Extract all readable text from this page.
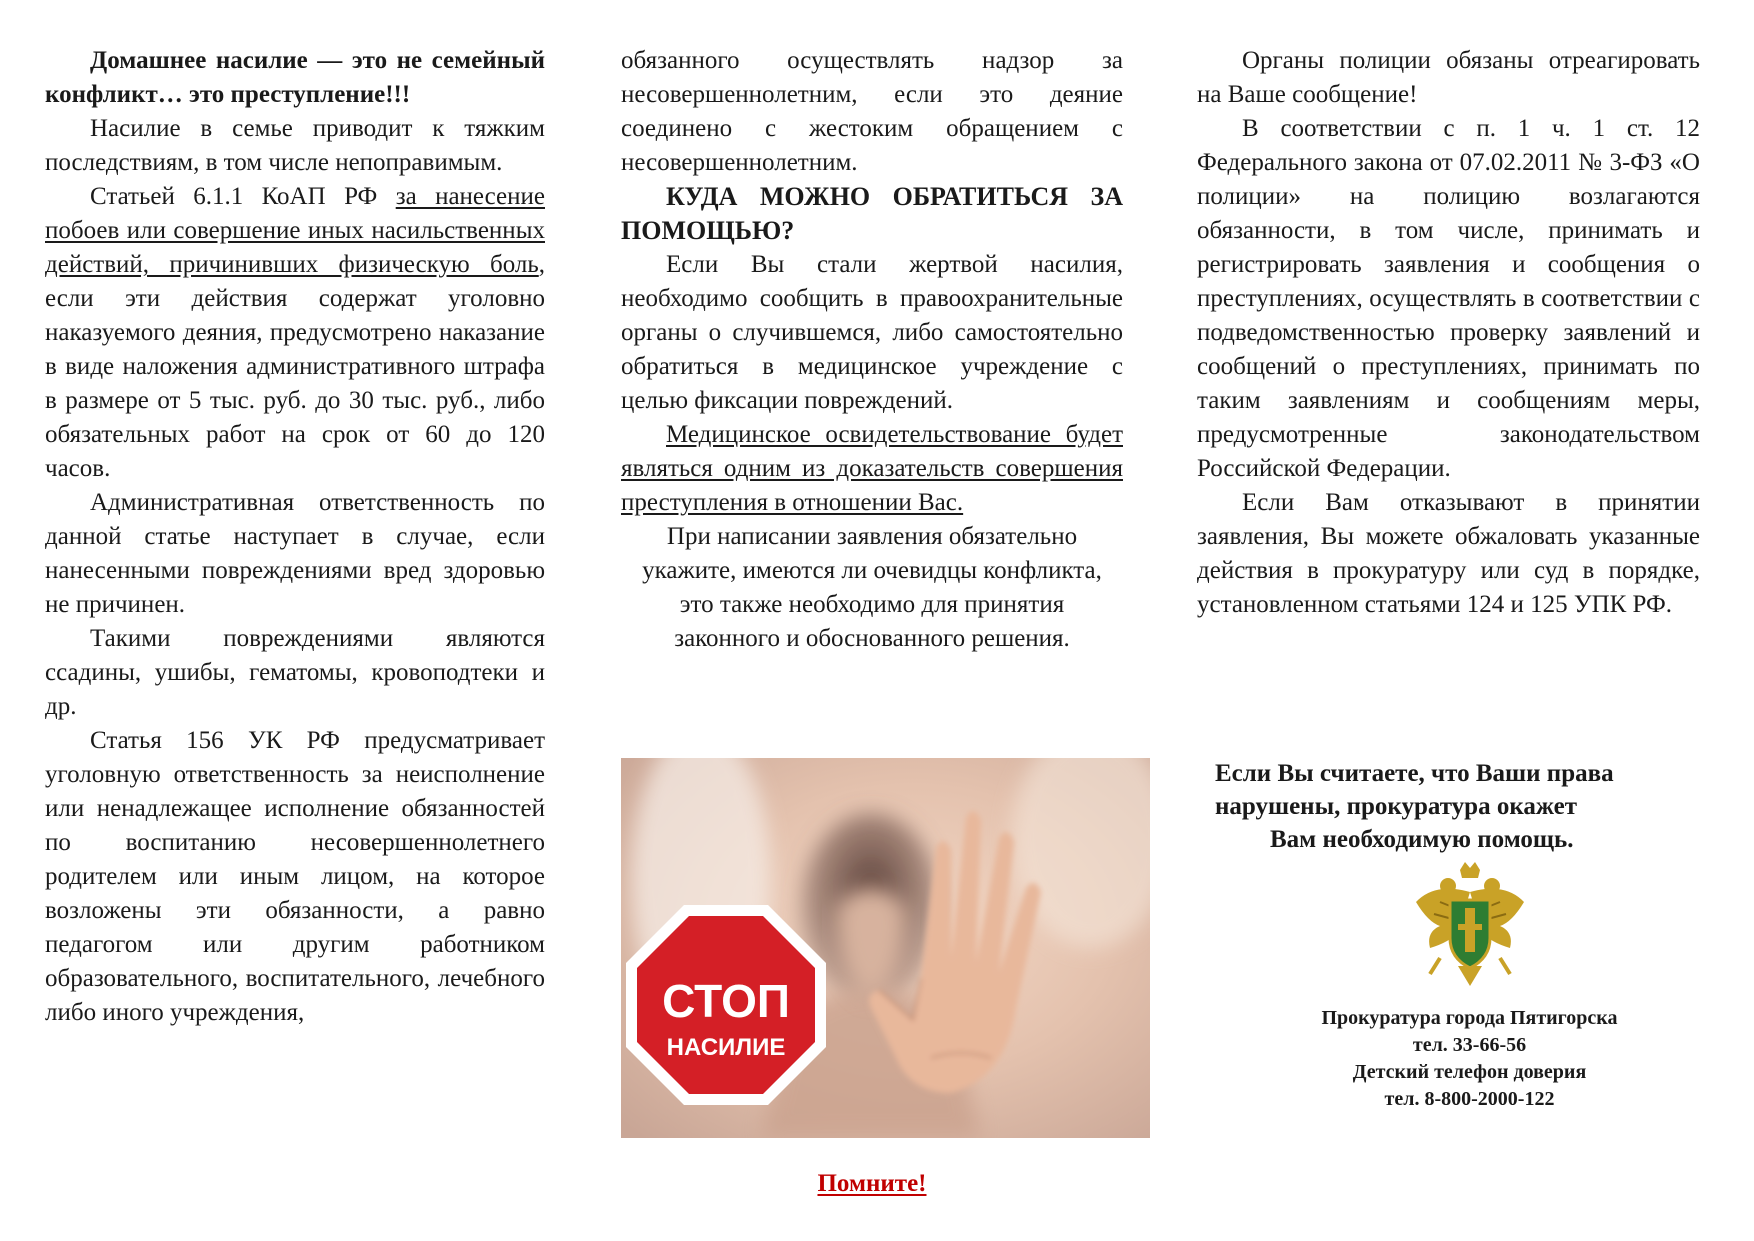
Домашнее насилие — это не семейный конфликт… это преступление!!!

Насилие в семье приводит к тяжким последствиям, в том числе непоправимым.

Статьей 6.1.1 КоАП РФ за нанесение побоев или совершение иных насильственных действий, причинивших физическую боль, если эти действия содержат уголовно наказуемого деяния, предусмотрено наказание в виде наложения административного штрафа в размере от 5 тыс. руб. до 30 тыс. руб., либо обязательных работ на срок от 60 до 120 часов.

Административная ответственность по данной статье наступает в случае, если нанесенными повреждениями вред здоровью не причинен.

Такими повреждениями являются ссадины, ушибы, гематомы, кровоподтеки и др.

Статья 156 УК РФ предусматривает уголовную ответственность за неисполнение или ненадлежащее исполнение обязанностей по воспитанию несовершеннолетнего родителем или иным лицом, на которое возложены эти обязанности, а равно педагогом или другим работником образовательного, воспитательного, лечебного либо иного учреждения,

обязанного осуществлять надзор за несовершеннолетним, если это деяние соединено с жестоким обращением с несовершеннолетним.

КУДА МОЖНО ОБРАТИТЬСЯ ЗА ПОМОЩЬЮ?

Если Вы стали жертвой насилия, необходимо сообщить в правоохранительные органы о случившемся, либо самостоятельно обратиться в медицинское учреждение с целью фиксации повреждений.

Медицинское освидетельствование будет являться одним из доказательств совершения преступления в отношении Вас.

При написании заявления обязательно укажите, имеются ли очевидцы конфликта, это также необходимо для принятия законного и обоснованного решения.

СТОП
НАСИЛИЕ
Помните!

Органы полиции обязаны отреагировать на Ваше сообщение!

В соответствии с п. 1 ч. 1 ст. 12 Федерального закона от 07.02.2011 № 3-ФЗ «О полиции» на полицию возлагаются обязанности, в том числе, принимать и регистрировать заявления и сообщения о преступлениях, осуществлять в соответствии с подведомственностью проверку заявлений и сообщений о преступлениях, принимать по таким заявлениям и сообщениям меры, предусмотренные законодательством Российской Федерации.

Если Вам отказывают в принятии заявления, Вы можете обжаловать указанные действия в прокуратуру или суд в порядке, установленном статьями 124 и 125 УПК РФ.

Если Вы считаете, что Ваши права
нарушены, прокуратура окажет
Вам необходимую помощь.
Прокуратура города Пятигорска
тел. 33-66-56
Детский телефон доверия
тел. 8-800-2000-122
